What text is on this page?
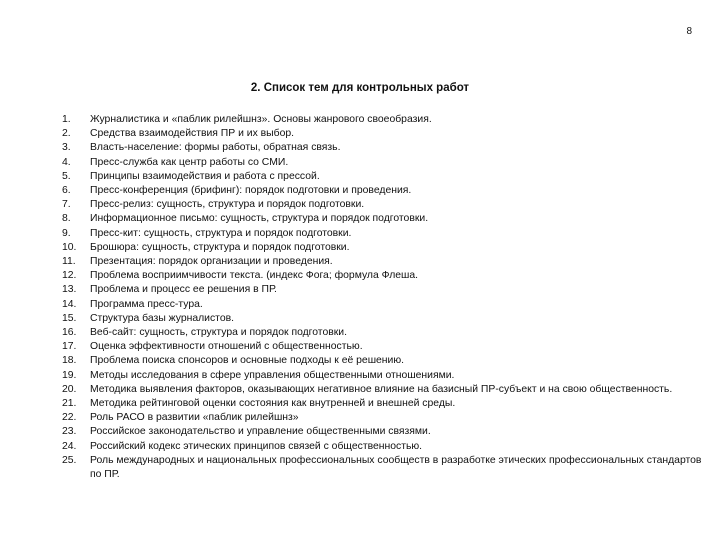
8
2. Список тем для контрольных работ
1.	Журналистика и «паблик рилейшнз». Основы жанрового своеобразия.
2.	Средства взаимодействия ПР и их выбор.
3.	Власть-население: формы работы, обратная связь.
4.	Пресс-служба как центр работы со СМИ.
5.	Принципы взаимодействия и работа с прессой.
6.	Пресс-конференция (брифинг): порядок подготовки и проведения.
7.	Пресс-релиз: сущность, структура и порядок подготовки.
8.	Информационное письмо: сущность, структура и порядок подготовки.
9.	Пресс-кит: сущность, структура и порядок подготовки.
10.	Брошюра: сущность, структура и порядок подготовки.
11.	Презентация: порядок организации и проведения.
12.	Проблема восприимчивости текста. (индекс Фога; формула Флеша.
13.	Проблема и процесс ее решения в ПР.
14.	Программа пресс-тура.
15.	Структура базы журналистов.
16.	Веб-сайт: сущность, структура и порядок подготовки.
17.	Оценка эффективности отношений с общественностью.
18.	Проблема поиска спонсоров и основные подходы к её решению.
19.	Методы исследования в сфере управления общественными отношениями.
20.	Методика выявления факторов, оказывающих негативное влияние на базисный ПР-субъект и на свою общественность.
21.	Методика рейтинговой оценки состояния как внутренней и внешней среды.
22.	Роль РАСО в развитии «паблик рилейшнз»
23.	Российское законодательство и управление общественными связями.
24.	Российский кодекс этических принципов связей с общественностью.
25.	Роль международных и национальных профессиональных сообществ в разработке этических профессиональных стандартов по ПР.
